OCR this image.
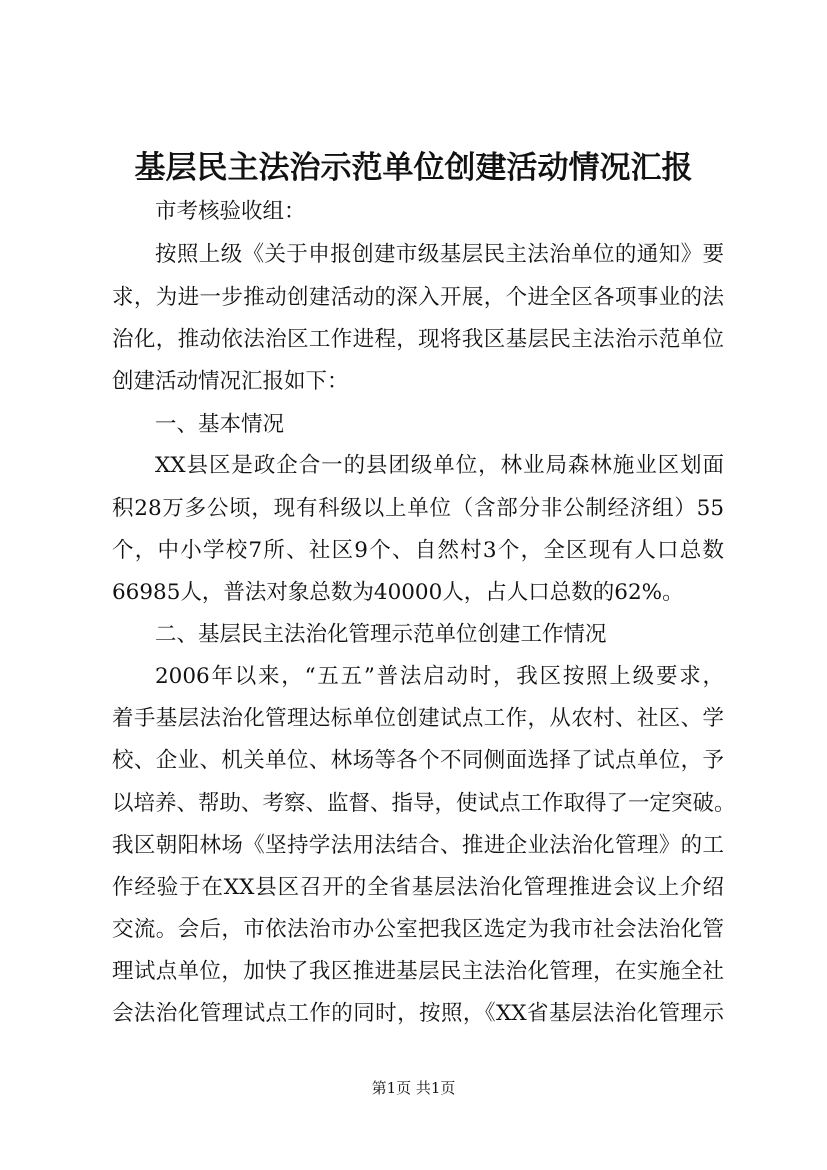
基层民主法治示范单位创建活动情况汇报

市考核验收组：

按照上级《关于申报创建市级基层民主法治单位的通知》要

求，为进一步推动创建活动的深入开展，个进全区各项事业的法

治化，推动依法治区工作进程，现将我区基层民主法治示范单位

创建活动情况汇报如下：

一、基本情况

XX县区是政企合一的县团级单位，林业局森林施业区划面

积28万多公顷，现有科级以上单位（含部分非公制经济组）55

个，中小学校7所、社区9个、自然村3个，全区现有人口总数

66985人，普法对象总数为40000人，占人口总数的62%。

二、基层民主法治化管理示范单位创建工作情况

2006年以来，“五五”普法启动时，我区按照上级要求，

着手基层法治化管理达标单位创建试点工作，从农村、社区、学

校、企业、机关单位、林场等各个不同侧面选择了试点单位，予

以培养、帮助、考察、监督、指导，使试点工作取得了一定突破。

我区朝阳林场《坚持学法用法结合、推进企业法治化管理》的工

作经验于在XX县区召开的全省基层法治化管理推进会议上介绍

交流。会后，市依法治市办公室把我区选定为我市社会法治化管

理试点单位，加快了我区推进基层民主法治化管理，在实施全社

会法治化管理试点工作的同时，按照，《XX省基层法治化管理示

第1页 共1页
